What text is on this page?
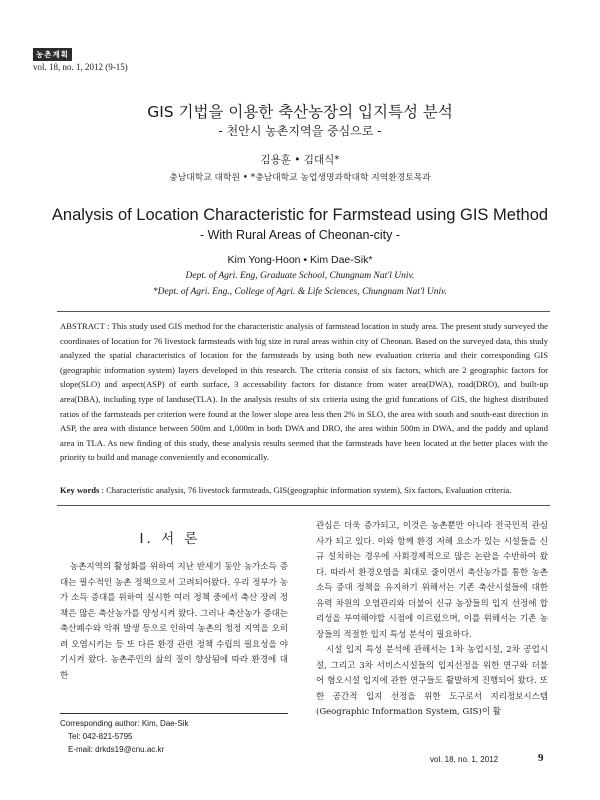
농촌계획
vol. 18, no. 1, 2012 (9-15)
GIS 기법을 이용한 축산농장의 입지특성 분석
- 천안시 농촌지역을 중심으로 -
김용훈 • 김대식*
충남대학교 대학원 • *충남대학교 농업생명과학대학 지역환경토목과
Analysis of Location Characteristic for Farmstead using GIS Method
- With Rural Areas of Cheonan-city -
Kim Yong-Hoon • Kim Dae-Sik*
Dept. of Agri. Eng, Graduate School, Chungnam Nat'l Univ.
*Dept. of Agri. Eng., College of Agri. & Life Sciences, Chungnam Nat'l Univ.
ABSTRACT : This study used GIS method for the characteristic analysis of farmstead location in study area. The present study surveyed the coordinates of location for 76 livestock farmsteads with big size in rural areas within city of Cheonan. Based on the surveyed data, this study analyzed the spatial characteristics of location for the farmsteads by using both new evaluation criteria and their corresponding GIS (geographic information system) layers developed in this research. The criteria consist of six factors, which are 2 geographic factors for slope(SLO) and aspect(ASP) of earth surface, 3 accessability factors for distance from water area(DWA), road(DRO), and built-up area(DBA), including type of landuse(TLA). In the analysis results of six criteria using the grid funcations of GIS, the highest distributed ratios of the farmsteads per criterion were found at the lower slope area less then 2% in SLO, the area with south and south-east direction in ASP, the area with distance between 500m and 1,000m in both DWA and DRO, the area within 500m in DWA, and the paddy and upland area in TLA. As new finding of this study, these analysis results seemed that the farmsteads have been located at the better places with the priority to build and manage conveniently and economically.
Key words : Characteristic analysis, 76 livestock farmsteads, GIS(geographic information system), Six factors, Evaluation criteria.
I. 서 론

농촌지역의 활성화를 위하여 지난 반세기 동안 농가소득 증대는 필수적인 농촌 정책으로서 고려되어왔다. 우리 정부가 농가 소득 증대를 위하여 실시한 여러 정책 중에서 축산 장려 정책은 많은 축산농가를 양성시켜 왔다. 그러나 축산농가 증대는 축산폐수와 악취 발생 등으로 인하여 농촌의 청정 지역을 오히려 오염시키는 등 또 다른 환경 관련 정책 수립의 필요성을 야기시켜 왔다. 농촌주민의 삶의 질이 향상됨에 따라 환경에 대한

관심은 더욱 증가되고, 이것은 농촌뿐만 아니라 전국민적 관심사가 되고 있다. 이와 함께 환경 저해 요소가 있는 시설들을 신규 설치하는 경우에 사회경제적으로 많은 논란을 수반하여 왔다. 따라서 환경오염을 최대로 줄이면서 축산농가를 통한 농촌 소득 증대 정책을 유지하기 위해서는 기존 축산시설들에 대한 유력 차원의 오염관리와 더불어 신규 농장들의 입지 선정에 합리성을 부여해야할 시점에 이르렀으며, 이를 위해서는 기존 농장들의 적절한 입지 특성 분석이 필요하다.

시설 입지 특성 분석에 관해서는 1차 농업시설, 2차 공업시설, 그리고 3차 서비스시설들의 입지선정을 위한 연구와 더불어 혐오시설 입지에 관한 연구들도 활발하게 진행되어 왔다. 또한 공간적 입지 선정을 위한 도구로서 지리정보시스템(Geographic Information System, GIS)이 활

Corresponding author: Kim, Dae-Sik
Tel: 042-821-5795
E-mail: drkds19@cnu.ac.kr
vol. 18, no. 1, 2012	9
